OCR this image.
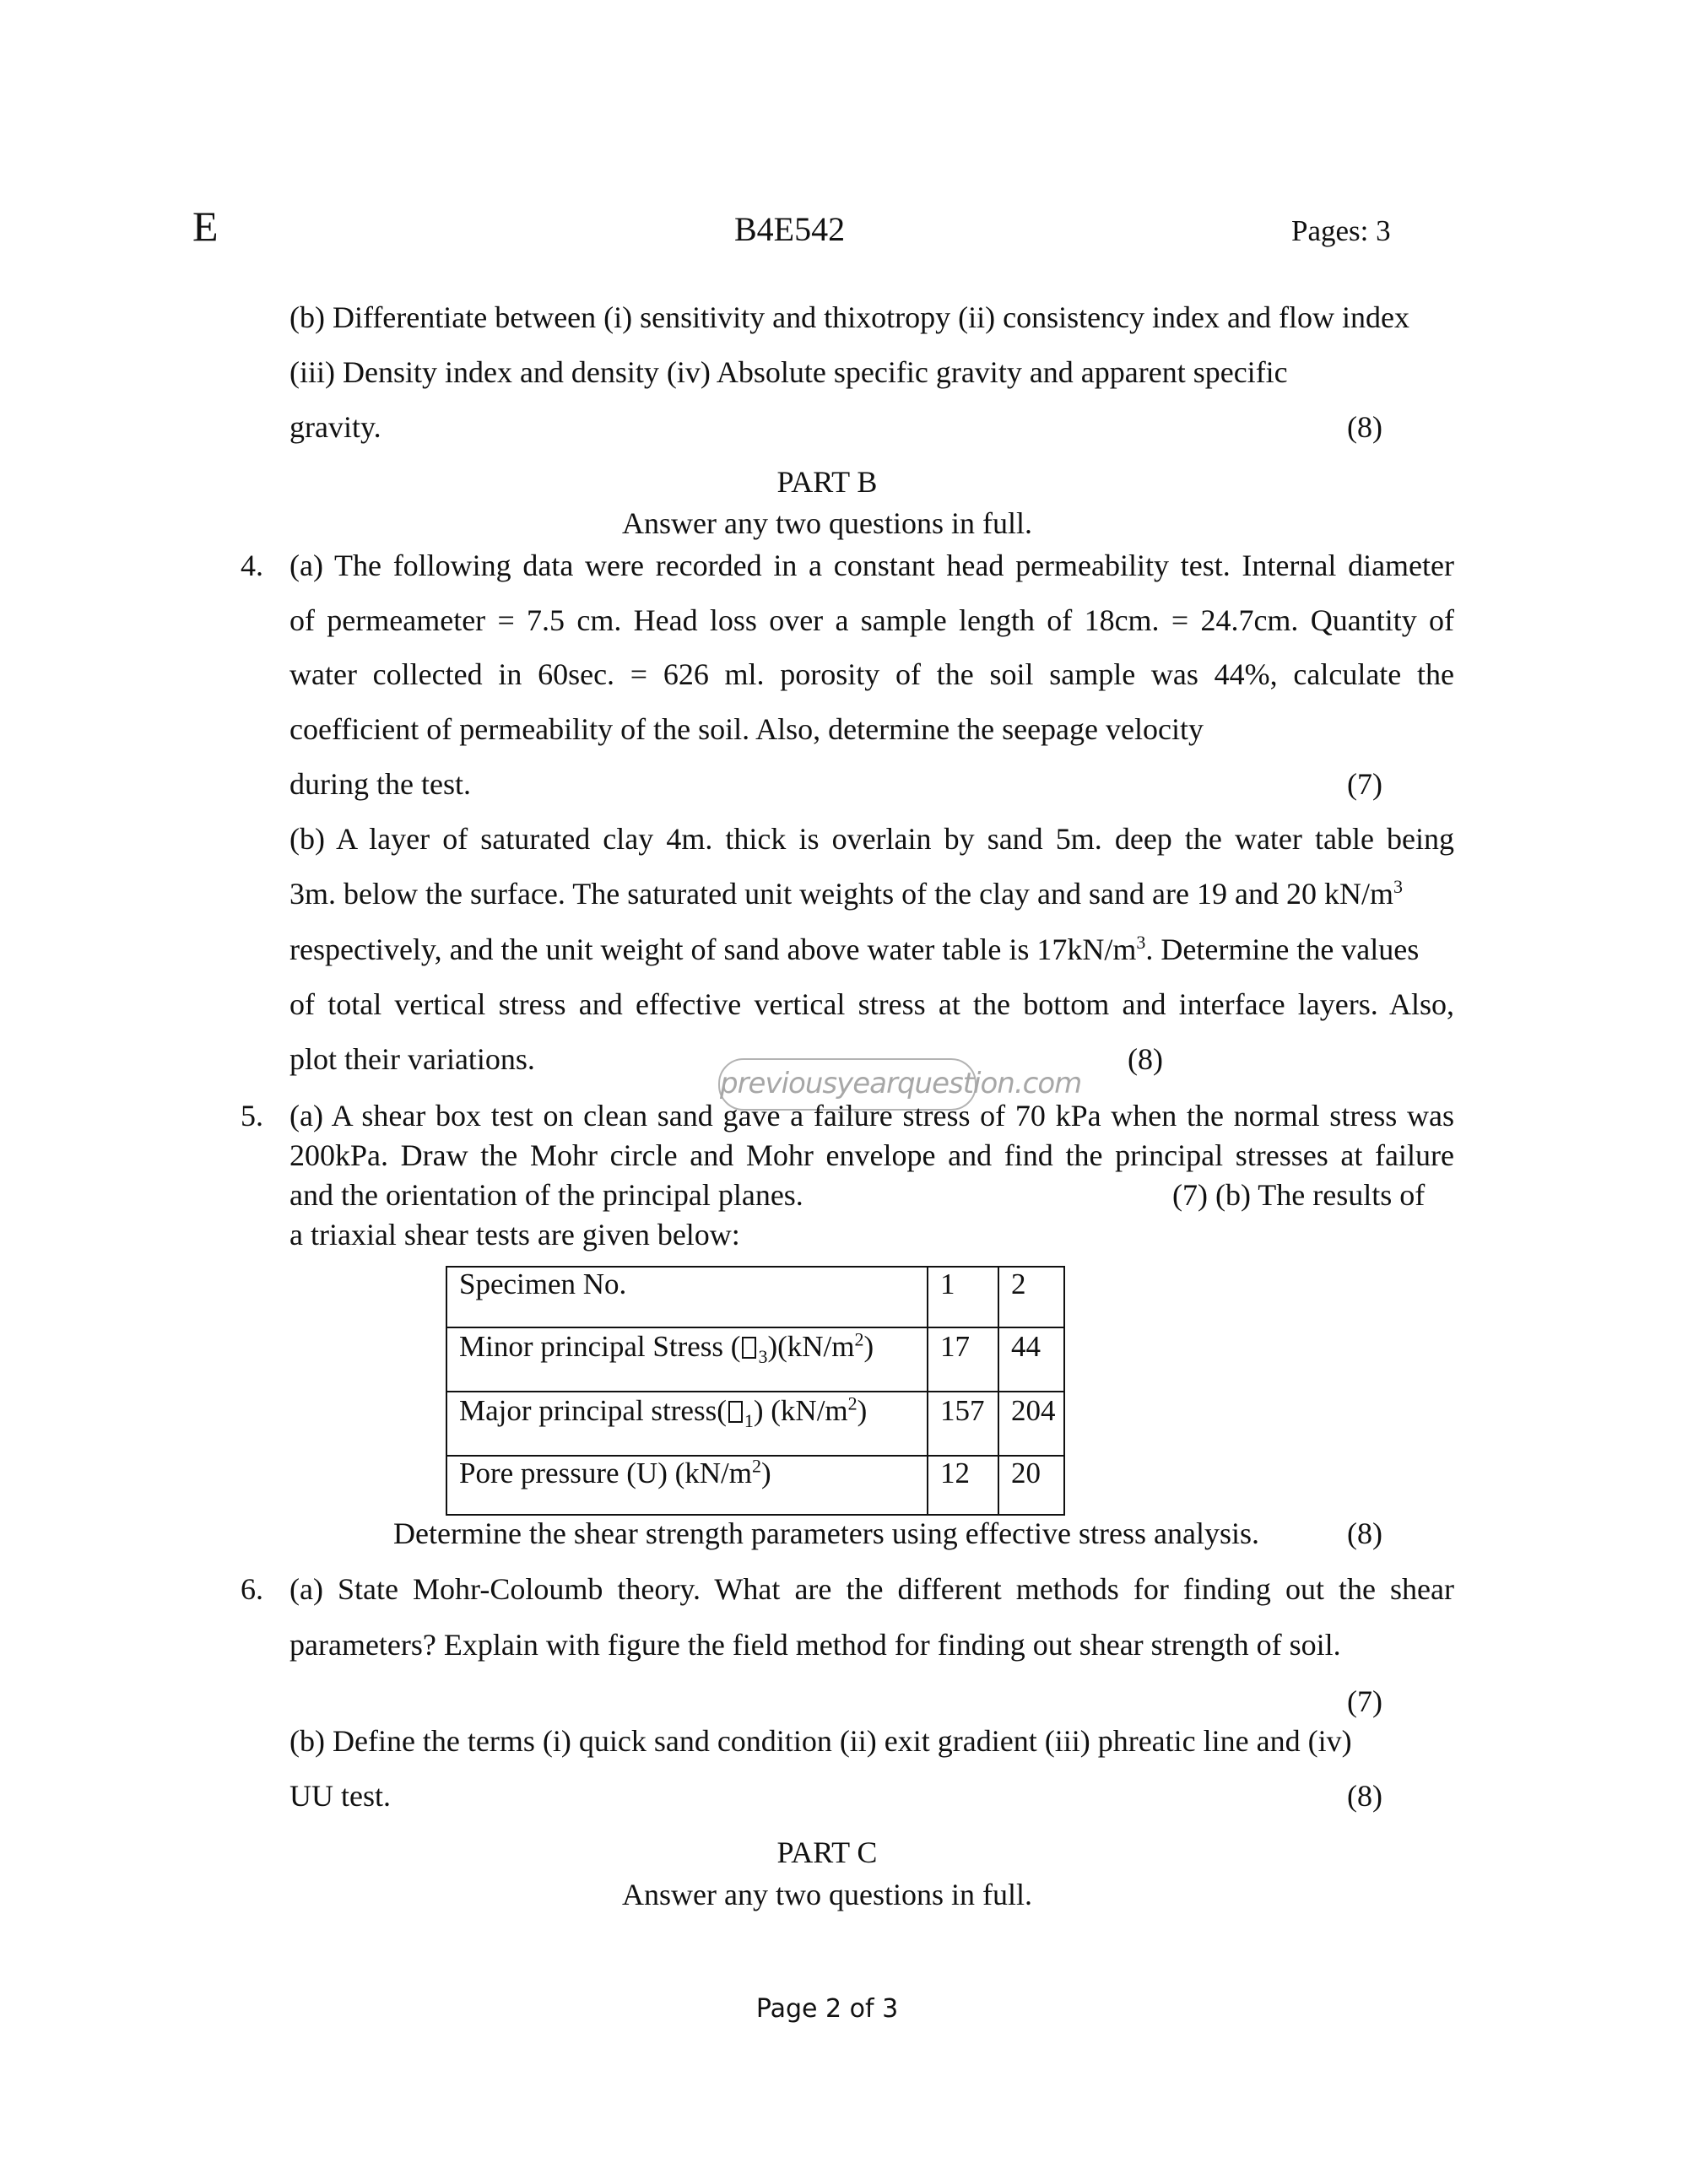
E	B4E542	Pages: 3
(b) Differentiate between (i) sensitivity and thixotropy (ii) consistency index and flow index
(iii) Density index and density (iv) Absolute specific gravity and apparent specific
gravity.	(8)
PART B
Answer any two questions in full.
4. (a) The following data were recorded in a constant head permeability test. Internal diameter
of permeameter = 7.5 cm. Head loss over a sample length of 18cm. = 24.7cm. Quantity of
water collected in 60sec. = 626 ml. porosity of the soil sample was 44%, calculate the
coefficient of permeability of the soil. Also, determine the seepage velocity
during the test.	(7)
(b) A layer of saturated clay 4m. thick is overlain by sand 5m. deep the water table being
3m. below the surface. The saturated unit weights of the clay and sand are 19 and 20 $kN/m^3$
respectively, and the unit weight of sand above water table is $17kN/m^3$. Determine the values
of total vertical stress and effective vertical stress at the bottom and interface layers. Also,
plot their variations.	(8)
previousyearquestion.com
5. (a) A shear box test on clean sand gave a failure stress of 70 kPa when the normal stress was
200kPa. Draw the Mohr circle and Mohr envelope and find the principal stresses at failure
and the orientation of the principal planes.	(7) (b) The results of
a triaxial shear tests are given below:
Specimen No.	1	2
Minor principal Stress ( $_3)(kN/m^2)$	17	44
Major principal stress( $_1$) $(kN/m^2)$	157	204
Pore pressure (U) $(kN/m^2)$	12	20
Determine the shear strength parameters using effective stress analysis.	(8)
6. (a) State Mohr-Coloumb theory. What are the different methods for finding out the shear
parameters? Explain with figure the field method for finding out shear strength of soil.
(7)
(b) Define the terms (i) quick sand condition (ii) exit gradient (iii) phreatic line and (iv)
UU test.	(8)
PART C
Answer any two questions in full.
Page 2 of 3
